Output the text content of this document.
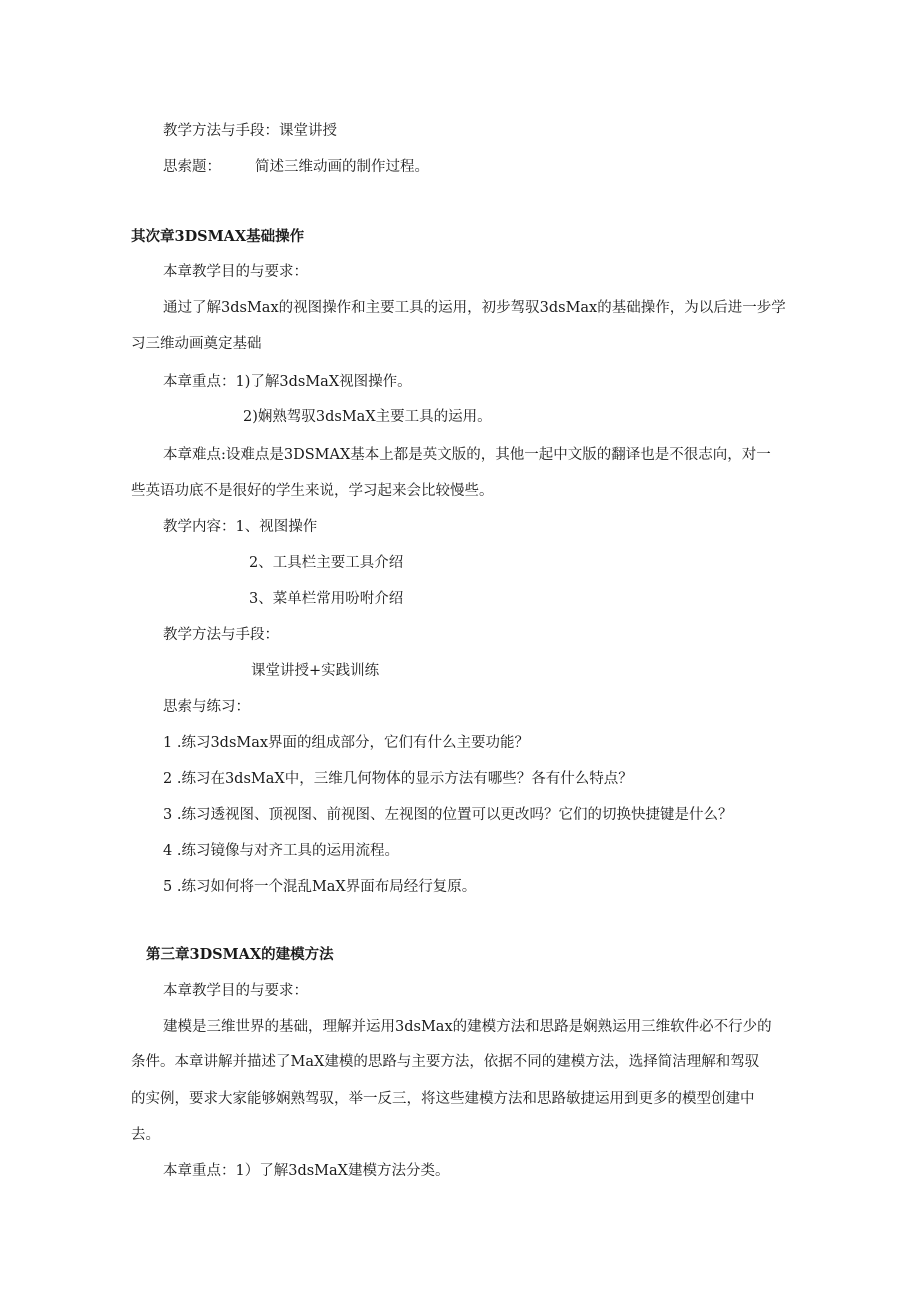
教学方法与手段：课堂讲授
思索题： 简述三维动画的制作过程。
其次章3DSMAX基础操作
本章教学目的与要求：
通过了解3dsMax的视图操作和主要工具的运用，初步驾驭3dsMax的基础操作，为以后进一步学
习三维动画奠定基础
本章重点：1)了解3dsMaX视图操作。
2)娴熟驾驭3dsMaX主要工具的运用。
本章难点:设难点是3DSMAX基本上都是英文版的，其他一起中文版的翻译也是不很志向，对一
些英语功底不是很好的学生来说，学习起来会比较慢些。
教学内容：1、视图操作
2、工具栏主要工具介绍
3、菜单栏常用吩咐介绍
教学方法与手段：
课堂讲授+实践训练
思索与练习：
1 .练习3dsMax界面的组成部分，它们有什么主要功能？
2 .练习在3dsMaX中，三维几何物体的显示方法有哪些？各有什么特点？
3 .练习透视图、顶视图、前视图、左视图的位置可以更改吗？它们的切换快捷键是什么？
4 .练习镜像与对齐工具的运用流程。
5 .练习如何将一个混乱MaX界面布局经行复原。
第三章3DSMAX的建模方法
本章教学目的与要求：
建模是三维世界的基础，理解并运用3dsMax的建模方法和思路是娴熟运用三维软件必不行少的
条件。本章讲解并描述了MaX建模的思路与主要方法，依据不同的建模方法，选择简洁理解和驾驭
的实例，要求大家能够娴熟驾驭，举一反三，将这些建模方法和思路敏捷运用到更多的模型创建中
去。
本章重点：1）了解3dsMaX建模方法分类。
